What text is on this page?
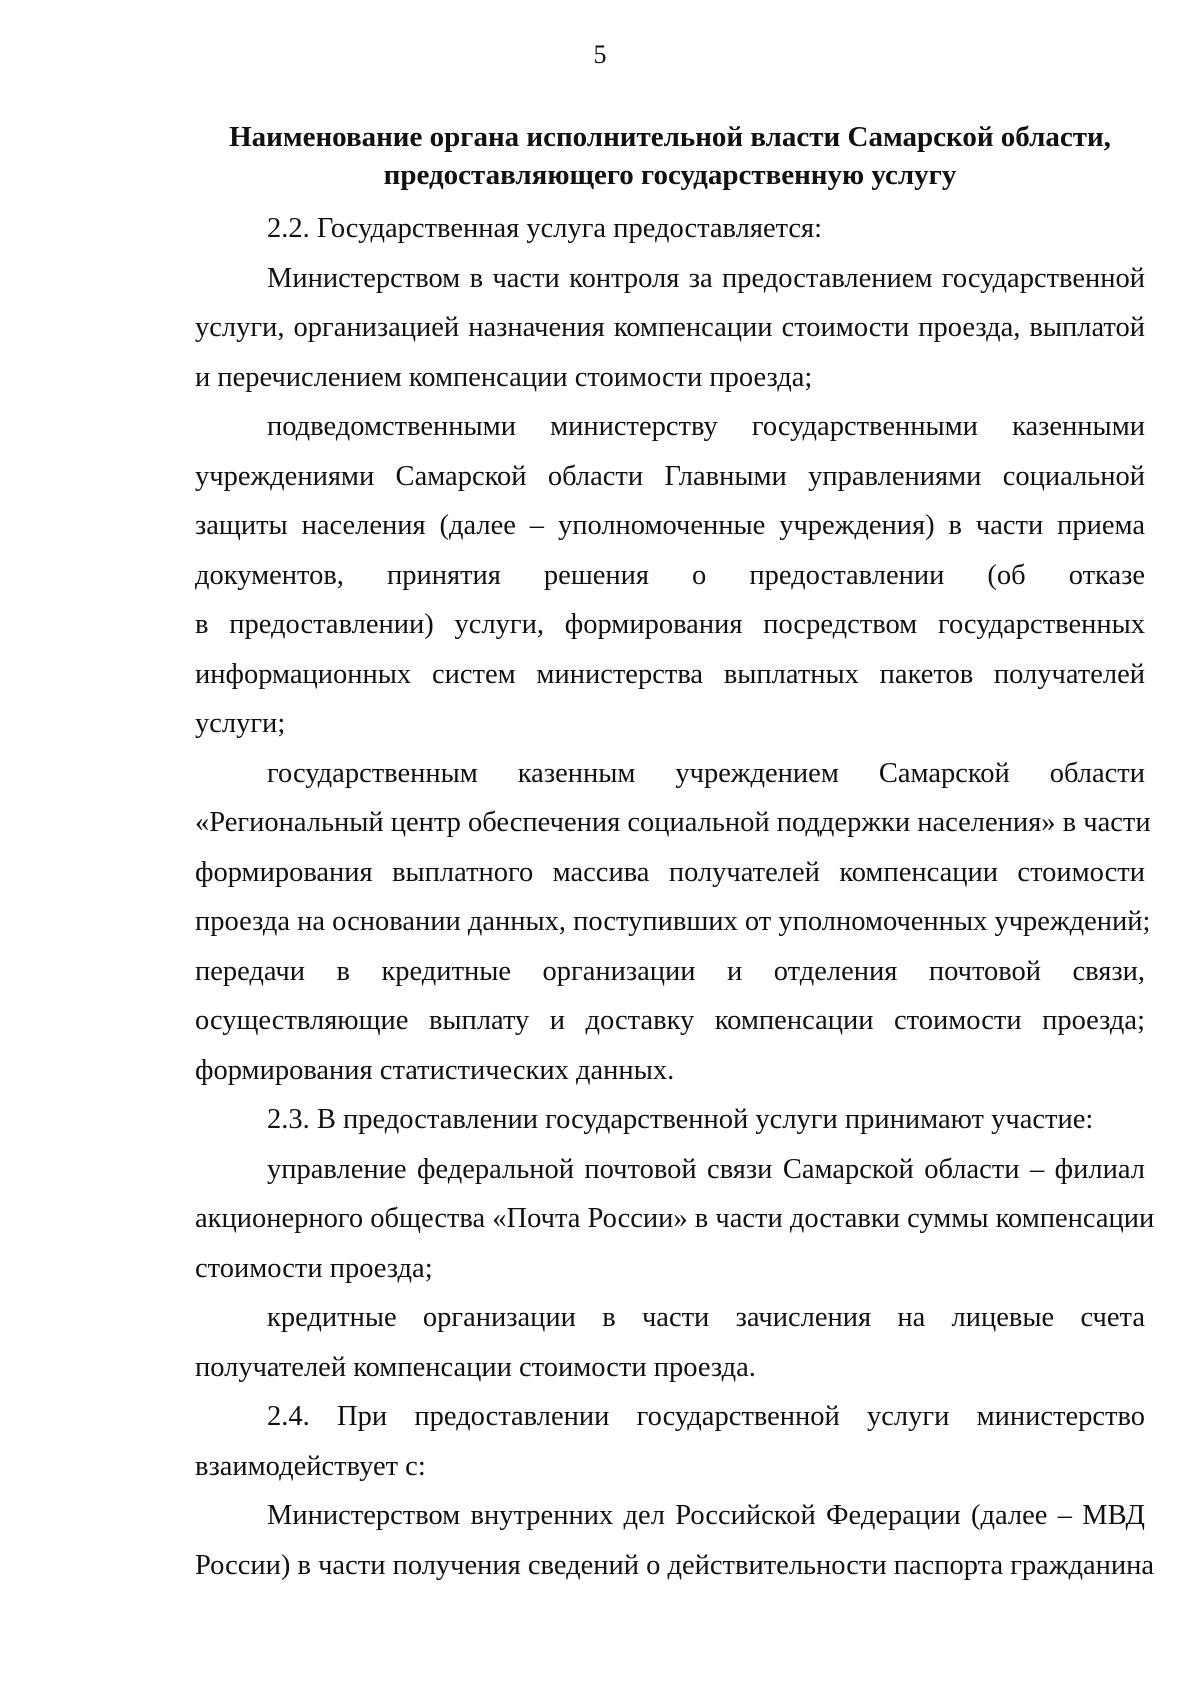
5
Наименование органа исполнительной власти Самарской области,
предоставляющего государственную услугу
2.2. Государственная услуга предоставляется:
Министерством в части контроля за предоставлением государственной
услуги, организацией назначения компенсации стоимости проезда, выплатой
и перечислением компенсации стоимости проезда;
подведомственными министерству государственными казенными
учреждениями Самарской области Главными управлениями социальной
защиты населения (далее – уполномоченные учреждения) в части приема
документов, принятия решения о предоставлении (об отказе
в предоставлении) услуги, формирования посредством государственных
информационных систем министерства выплатных пакетов получателей
услуги;
государственным казенным учреждением Самарской области
«Региональный центр обеспечения социальной поддержки населения» в части
формирования выплатного массива получателей компенсации стоимости
проезда на основании данных, поступивших от уполномоченных учреждений;
передачи в кредитные организации и отделения почтовой связи,
осуществляющие выплату и доставку компенсации стоимости проезда;
формирования статистических данных.
2.3. В предоставлении государственной услуги принимают участие:
управление федеральной почтовой связи Самарской области – филиал
акционерного общества «Почта России» в части доставки суммы компенсации
стоимости проезда;
кредитные организации в части зачисления на лицевые счета
получателей компенсации стоимости проезда.
2.4. При предоставлении государственной услуги министерство
взаимодействует с:
Министерством внутренних дел Российской Федерации (далее – МВД
России) в части получения сведений о действительности паспорта гражданина
